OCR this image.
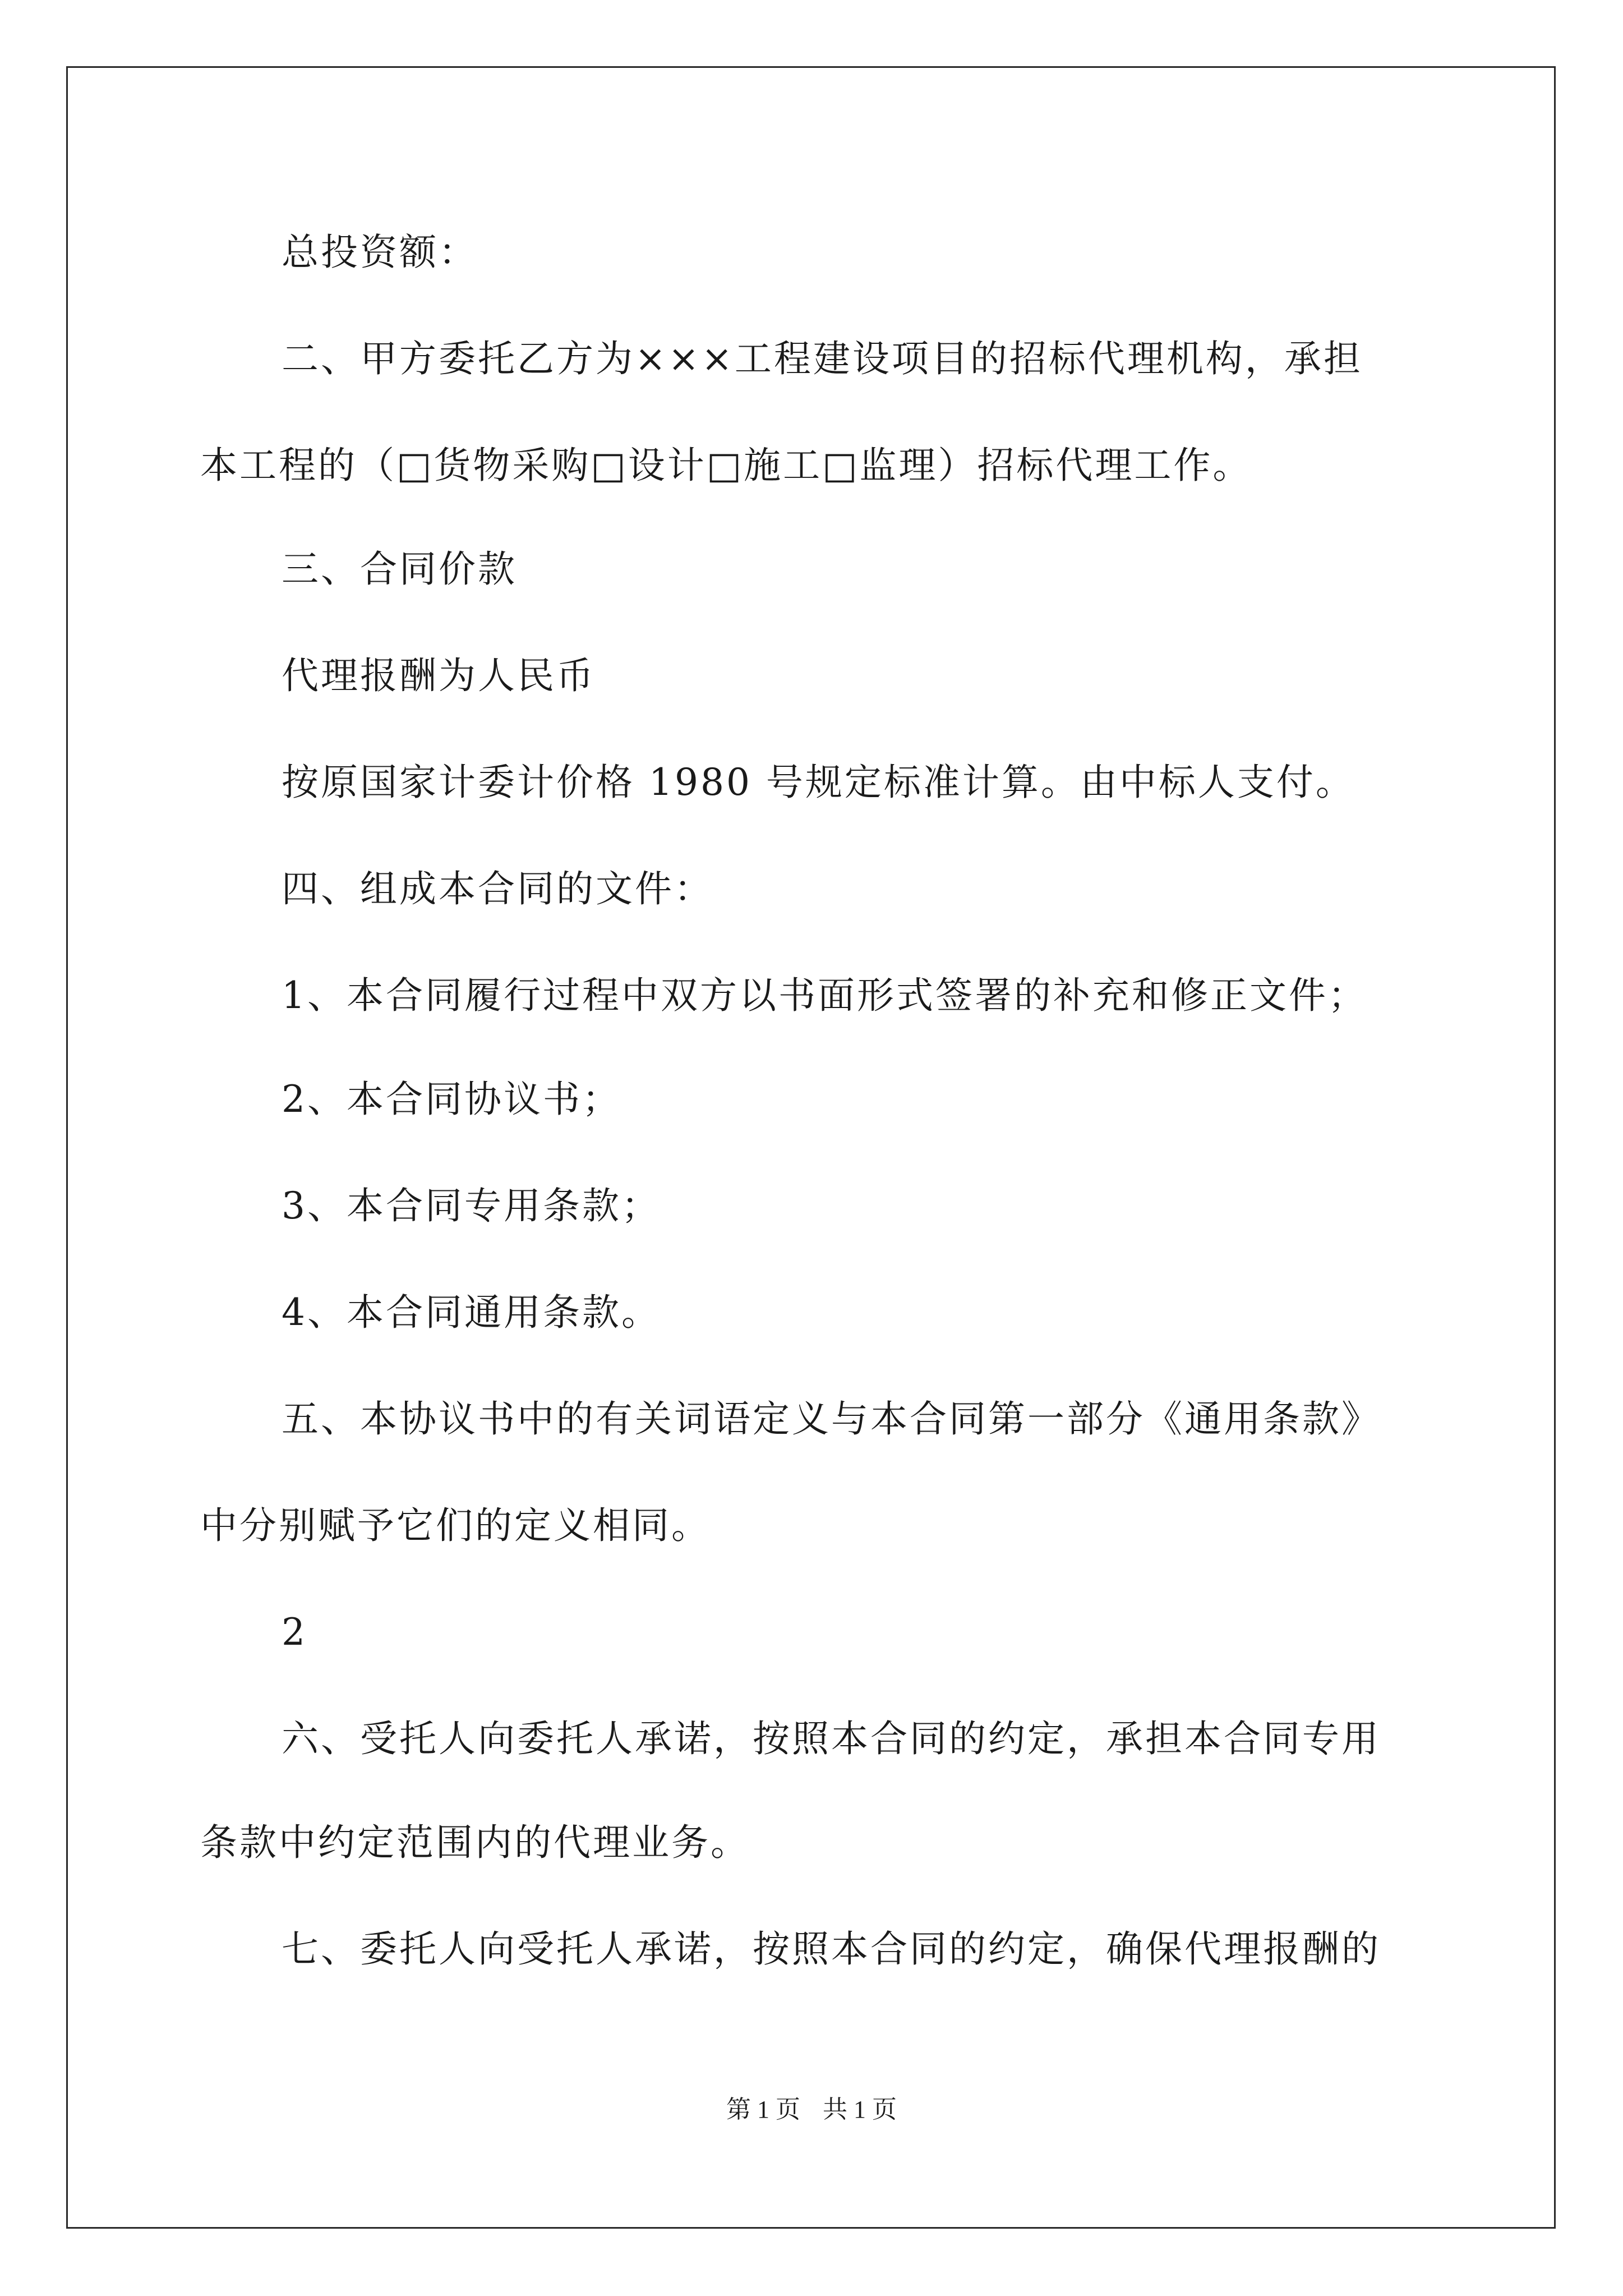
总投资额：
二、甲方委托乙方为×××工程建设项目的招标代理机构，承担
本工程的（□货物采购□设计□施工□监理）招标代理工作。
三、合同价款
代理报酬为人民币
按原国家计委计价格 1980 号规定标准计算。由中标人支付。
四、组成本合同的文件：
1、本合同履行过程中双方以书面形式签署的补充和修正文件；
2、本合同协议书；
3、本合同专用条款；
4、本合同通用条款。
五、本协议书中的有关词语定义与本合同第一部分《通用条款》
中分别赋予它们的定义相同。
2
六、受托人向委托人承诺，按照本合同的约定，承担本合同专用
条款中约定范围内的代理业务。
七、委托人向受托人承诺，按照本合同的约定，确保代理报酬的
第 1 页 共 1 页
